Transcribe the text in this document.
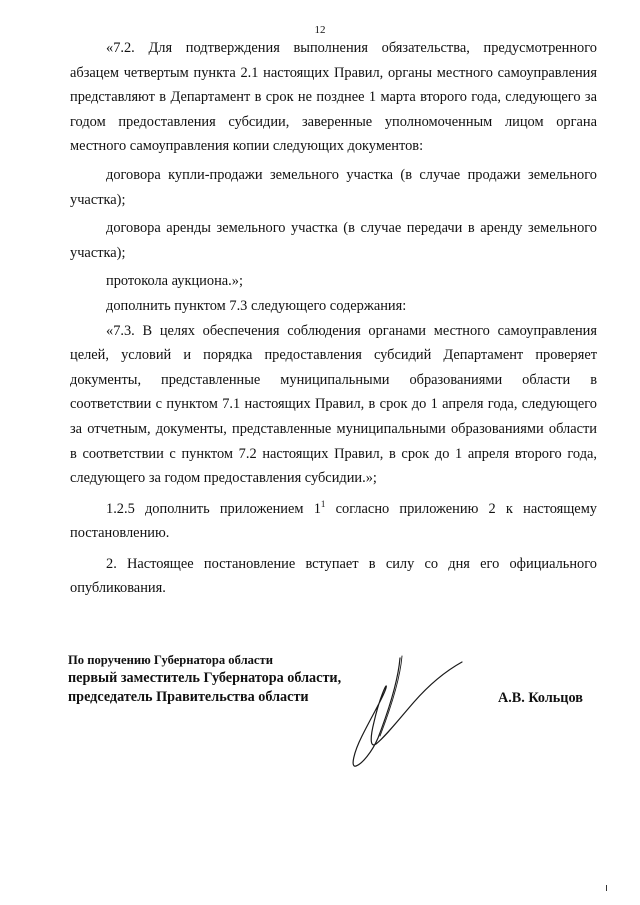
12

«7.2. Для подтверждения выполнения обязательства, предусмотренного абзацем четвертым пункта 2.1 настоящих Правил, органы местного самоуправления представляют в Департамент в срок не позднее 1 марта второго года, следующего за годом предоставления субсидии, заверенные уполномоченным лицом органа местного самоуправления копии следующих документов:

договора купли-продажи земельного участка (в случае продажи земельного участка);

договора аренды земельного участка (в случае передачи в аренду земельного участка);

протокола аукциона.»;

дополнить пунктом 7.3 следующего содержания:

«7.3. В целях обеспечения соблюдения органами местного самоуправления целей, условий и порядка предоставления субсидий Департамент проверяет документы, представленные муниципальными образованиями области в соответствии с пунктом 7.1 настоящих Правил, в срок до 1 апреля года, следующего за отчетным, документы, представленные муниципальными образованиями области в соответствии с пунктом 7.2 настоящих Правил, в срок до 1 апреля второго года, следующего за годом предоставления субсидии.»;

1.2.5 дополнить приложением $1^1$ согласно приложению 2 к настоящему постановлению.

2. Настоящее постановление вступает в силу со дня его официального опубликования.

По поручению Губернатора области
первый заместитель Губернатора области,
председатель Правительства области	А.В. Кольцов
